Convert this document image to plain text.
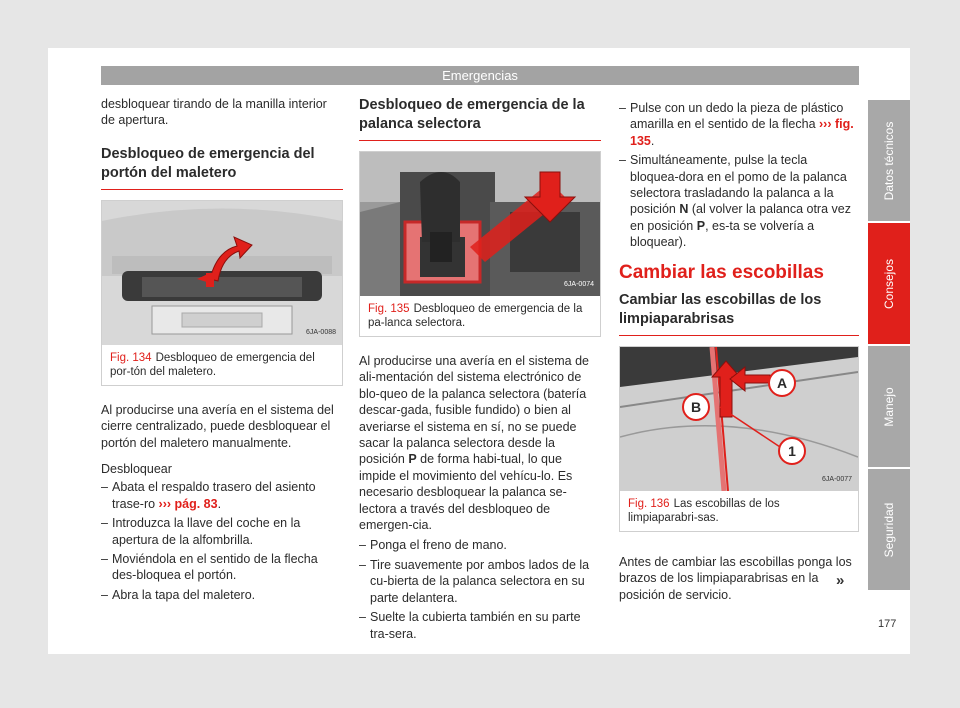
Emergencias

desbloquear tirando de la manilla interior de apertura.

Desbloqueo de emergencia del portón del maletero
6JA-0088
Fig. 134 Desbloqueo de emergencia del por-tón del maletero.

Al producirse una avería en el sistema del cierre centralizado, puede desbloquear el portón del maletero manualmente.

Desbloquear

– Abata el respaldo trasero del asiento trase-ro ››› pág. 83.
– Introduzca la llave del coche en la apertura de la alfombrilla.
– Moviéndola en el sentido de la flecha des-bloquea el portón.
– Abra la tapa del maletero.
Desbloqueo de emergencia de la palanca selectora
6JA-0074
Fig. 135 Desbloqueo de emergencia de la pa-lanca selectora.

Al producirse una avería en el sistema de ali-mentación del sistema electrónico de blo-queo de la palanca selectora (batería descar-gada, fusible fundido) o bien al averiarse el sistema en sí, no se puede sacar la palanca selectora desde la posición P de forma habi-tual, lo que impide el movimiento del vehícu-lo. Es necesario desbloquear la palanca se-lectora a través del desbloqueo de emergen-cia.

– Ponga el freno de mano.
– Tire suavemente por ambos lados de la cu-bierta de la palanca selectora en su parte delantera.
– Suelte la cubierta también en su parte tra-sera.
– Pulse con un dedo la pieza de plástico amarilla en el sentido de la flecha ››› fig. 135.
– Simultáneamente, pulse la tecla bloquea-dora en el pomo de la palanca selectora trasladando la palanca a la posición N (al volver la palanca otra vez en posición P, es-ta se volvería a bloquear).
Cambiar las escobillas
Cambiar las escobillas de los limpiaparabrisas
A
B
1
6JA-0077
Fig. 136 Las escobillas de los limpiaparabri-sas.

Antes de cambiar las escobillas ponga los brazos de los limpiaparabrisas en la posición de servicio.

»
Datos técnicos
Consejos
Manejo
Seguridad
177
